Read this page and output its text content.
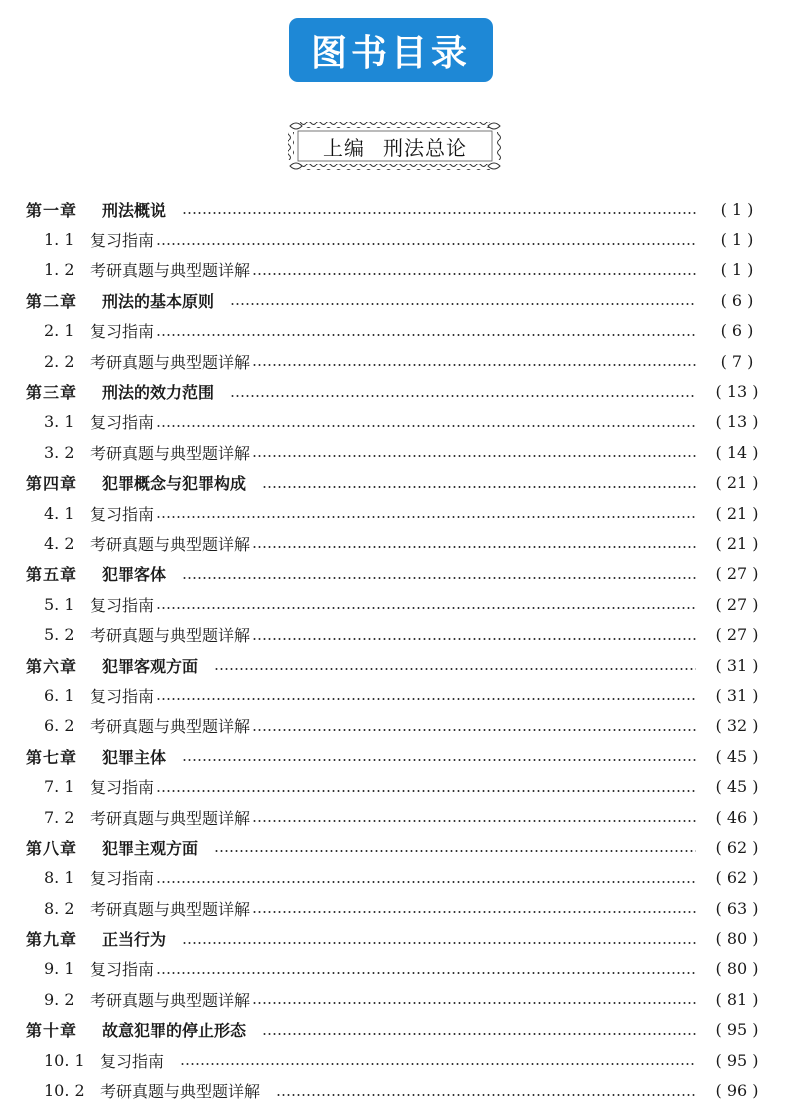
图书目录
上编 刑法总论
第一章	刑法概说	( 1 )
1. 1 复习指南	( 1 )
1. 2 考研真题与典型题详解	( 1 )
第二章	刑法的基本原则	( 6 )
2. 1 复习指南	( 6 )
2. 2 考研真题与典型题详解	( 7 )
第三章	刑法的效力范围	( 13 )
3. 1 复习指南	( 13 )
3. 2 考研真题与典型题详解	( 14 )
第四章	犯罪概念与犯罪构成	( 21 )
4. 1 复习指南	( 21 )
4. 2 考研真题与典型题详解	( 21 )
第五章	犯罪客体	( 27 )
5. 1 复习指南	( 27 )
5. 2 考研真题与典型题详解	( 27 )
第六章	犯罪客观方面	( 31 )
6. 1 复习指南	( 31 )
6. 2 考研真题与典型题详解	( 32 )
第七章	犯罪主体	( 45 )
7. 1 复习指南	( 45 )
7. 2 考研真题与典型题详解	( 46 )
第八章	犯罪主观方面	( 62 )
8. 1 复习指南	( 62 )
8. 2 考研真题与典型题详解	( 63 )
第九章	正当行为	( 80 )
9. 1 复习指南	( 80 )
9. 2 考研真题与典型题详解	( 81 )
第十章	故意犯罪的停止形态	( 95 )
10. 1 复习指南	( 95 )
10. 2 考研真题与典型题详解	( 96 )
